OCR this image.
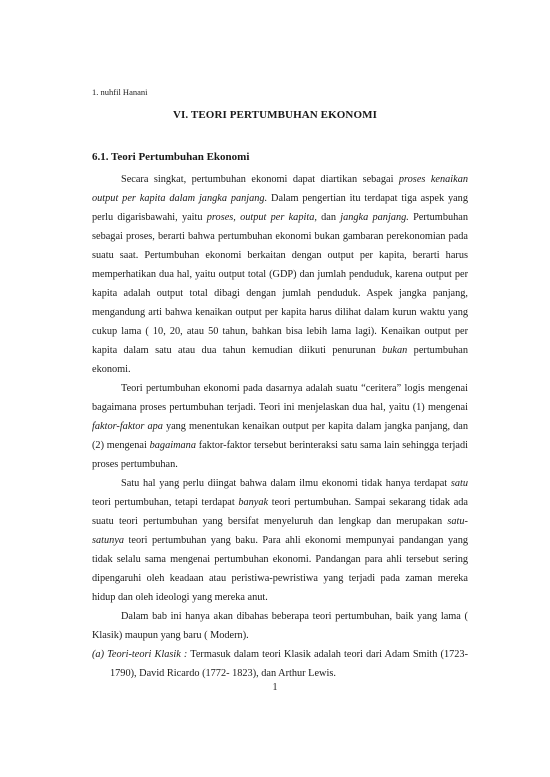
1. nuhfil Hanani
VI. TEORI PERTUMBUHAN EKONOMI
6.1. Teori Pertumbuhan Ekonomi

Secara singkat, pertumbuhan ekonomi dapat diartikan sebagai proses kenaikan output per kapita dalam jangka panjang. Dalam pengertian itu terdapat tiga aspek yang perlu digarisbawahi, yaitu proses, output per kapita, dan jangka panjang. Pertumbuhan sebagai proses, berarti bahwa pertumbuhan ekonomi bukan gambaran perekonomian pada suatu saat. Pertumbuhan ekonomi berkaitan dengan output per kapita, berarti harus memperhatikan dua hal, yaitu output total (GDP) dan jumlah penduduk, karena output per kapita adalah output total dibagi dengan jumlah penduduk. Aspek jangka panjang, mengandung arti bahwa kenaikan output per kapita harus dilihat dalam kurun waktu yang cukup lama ( 10, 20, atau 50 tahun, bahkan bisa lebih lama lagi). Kenaikan output per kapita dalam satu atau dua tahun kemudian diikuti penurunan bukan pertumbuhan ekonomi.

Teori pertumbuhan ekonomi pada dasarnya adalah suatu “ceritera” logis mengenai bagaimana proses pertumbuhan terjadi. Teori ini menjelaskan dua hal, yaitu (1) mengenai faktor-faktor apa yang menentukan kenaikan output per kapita dalam jangka panjang, dan (2) mengenai bagaimana faktor-faktor tersebut berinteraksi satu sama lain sehingga terjadi proses pertumbuhan.

Satu hal yang perlu diingat bahwa dalam ilmu ekonomi tidak hanya terdapat satu teori pertumbuhan, tetapi terdapat banyak teori pertumbuhan. Sampai sekarang tidak ada suatu teori pertumbuhan yang bersifat menyeluruh dan lengkap dan merupakan satu-satunya teori pertumbuhan yang baku. Para ahli ekonomi mempunyai pandangan yang tidak selalu sama mengenai pertumbuhan ekonomi. Pandangan para ahli tersebut sering dipengaruhi oleh keadaan atau peristiwa-pewristiwa yang terjadi pada zaman mereka hidup dan oleh ideologi yang mereka anut.

Dalam bab ini hanya akan dibahas beberapa teori pertumbuhan, baik yang lama ( Klasik) maupun yang baru ( Modern).

(a) Teori-teori Klasik : Termasuk dalam teori Klasik adalah teori dari Adam Smith (1723-1790), David Ricardo (1772- 1823), dan Arthur Lewis.
1
